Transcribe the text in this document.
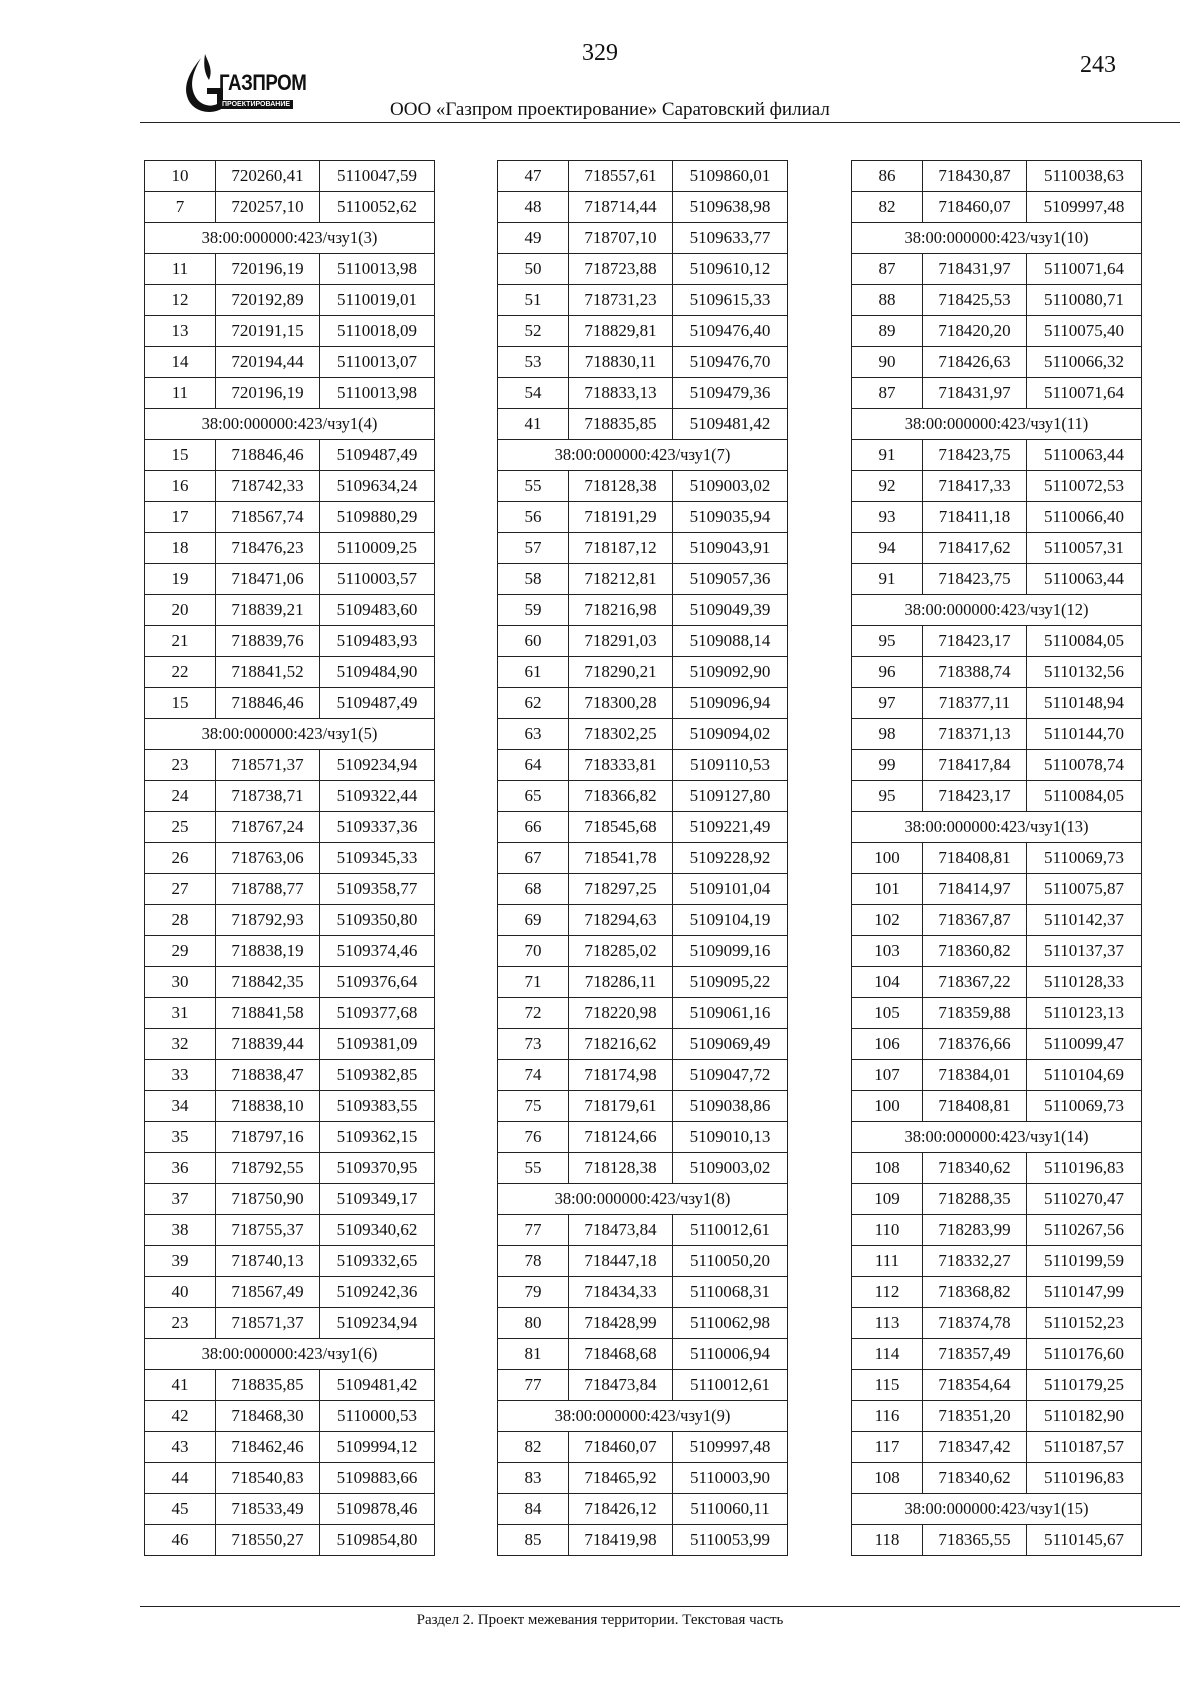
ГАЗПРОМ
ПРОЕКТИРОВАНИЕ
329	243
ООО «Газпром проектирование» Саратовский филиал
10	720260,41	5110047,59
7	720257,10	5110052,62
38:00:000000:423/чзу1(3)		
11	720196,19	5110013,98
12	720192,89	5110019,01
13	720191,15	5110018,09
14	720194,44	5110013,07
11	720196,19	5110013,98
38:00:000000:423/чзу1(4)		
15	718846,46	5109487,49
16	718742,33	5109634,24
17	718567,74	5109880,29
18	718476,23	5110009,25
19	718471,06	5110003,57
20	718839,21	5109483,60
21	718839,76	5109483,93
22	718841,52	5109484,90
15	718846,46	5109487,49
38:00:000000:423/чзу1(5)		
23	718571,37	5109234,94
24	718738,71	5109322,44
25	718767,24	5109337,36
26	718763,06	5109345,33
27	718788,77	5109358,77
28	718792,93	5109350,80
29	718838,19	5109374,46
30	718842,35	5109376,64
31	718841,58	5109377,68
32	718839,44	5109381,09
33	718838,47	5109382,85
34	718838,10	5109383,55
35	718797,16	5109362,15
36	718792,55	5109370,95
37	718750,90	5109349,17
38	718755,37	5109340,62
39	718740,13	5109332,65
40	718567,49	5109242,36
23	718571,37	5109234,94
38:00:000000:423/чзу1(6)		
41	718835,85	5109481,42
42	718468,30	5110000,53
43	718462,46	5109994,12
44	718540,83	5109883,66
45	718533,49	5109878,46
46	718550,27	5109854,80
47	718557,61	5109860,01
48	718714,44	5109638,98
49	718707,10	5109633,77
50	718723,88	5109610,12
51	718731,23	5109615,33
52	718829,81	5109476,40
53	718830,11	5109476,70
54	718833,13	5109479,36
41	718835,85	5109481,42
38:00:000000:423/чзу1(7)		
55	718128,38	5109003,02
56	718191,29	5109035,94
57	718187,12	5109043,91
58	718212,81	5109057,36
59	718216,98	5109049,39
60	718291,03	5109088,14
61	718290,21	5109092,90
62	718300,28	5109096,94
63	718302,25	5109094,02
64	718333,81	5109110,53
65	718366,82	5109127,80
66	718545,68	5109221,49
67	718541,78	5109228,92
68	718297,25	5109101,04
69	718294,63	5109104,19
70	718285,02	5109099,16
71	718286,11	5109095,22
72	718220,98	5109061,16
73	718216,62	5109069,49
74	718174,98	5109047,72
75	718179,61	5109038,86
76	718124,66	5109010,13
55	718128,38	5109003,02
38:00:000000:423/чзу1(8)		
77	718473,84	5110012,61
78	718447,18	5110050,20
79	718434,33	5110068,31
80	718428,99	5110062,98
81	718468,68	5110006,94
77	718473,84	5110012,61
38:00:000000:423/чзу1(9)		
82	718460,07	5109997,48
83	718465,92	5110003,90
84	718426,12	5110060,11
85	718419,98	5110053,99
86	718430,87	5110038,63
82	718460,07	5109997,48
38:00:000000:423/чзу1(10)		
87	718431,97	5110071,64
88	718425,53	5110080,71
89	718420,20	5110075,40
90	718426,63	5110066,32
87	718431,97	5110071,64
38:00:000000:423/чзу1(11)		
91	718423,75	5110063,44
92	718417,33	5110072,53
93	718411,18	5110066,40
94	718417,62	5110057,31
91	718423,75	5110063,44
38:00:000000:423/чзу1(12)		
95	718423,17	5110084,05
96	718388,74	5110132,56
97	718377,11	5110148,94
98	718371,13	5110144,70
99	718417,84	5110078,74
95	718423,17	5110084,05
38:00:000000:423/чзу1(13)		
100	718408,81	5110069,73
101	718414,97	5110075,87
102	718367,87	5110142,37
103	718360,82	5110137,37
104	718367,22	5110128,33
105	718359,88	5110123,13
106	718376,66	5110099,47
107	718384,01	5110104,69
100	718408,81	5110069,73
38:00:000000:423/чзу1(14)		
108	718340,62	5110196,83
109	718288,35	5110270,47
110	718283,99	5110267,56
111	718332,27	5110199,59
112	718368,82	5110147,99
113	718374,78	5110152,23
114	718357,49	5110176,60
115	718354,64	5110179,25
116	718351,20	5110182,90
117	718347,42	5110187,57
108	718340,62	5110196,83
38:00:000000:423/чзу1(15)		
118	718365,55	5110145,67
Раздел 2. Проект межевания территории. Текстовая часть
